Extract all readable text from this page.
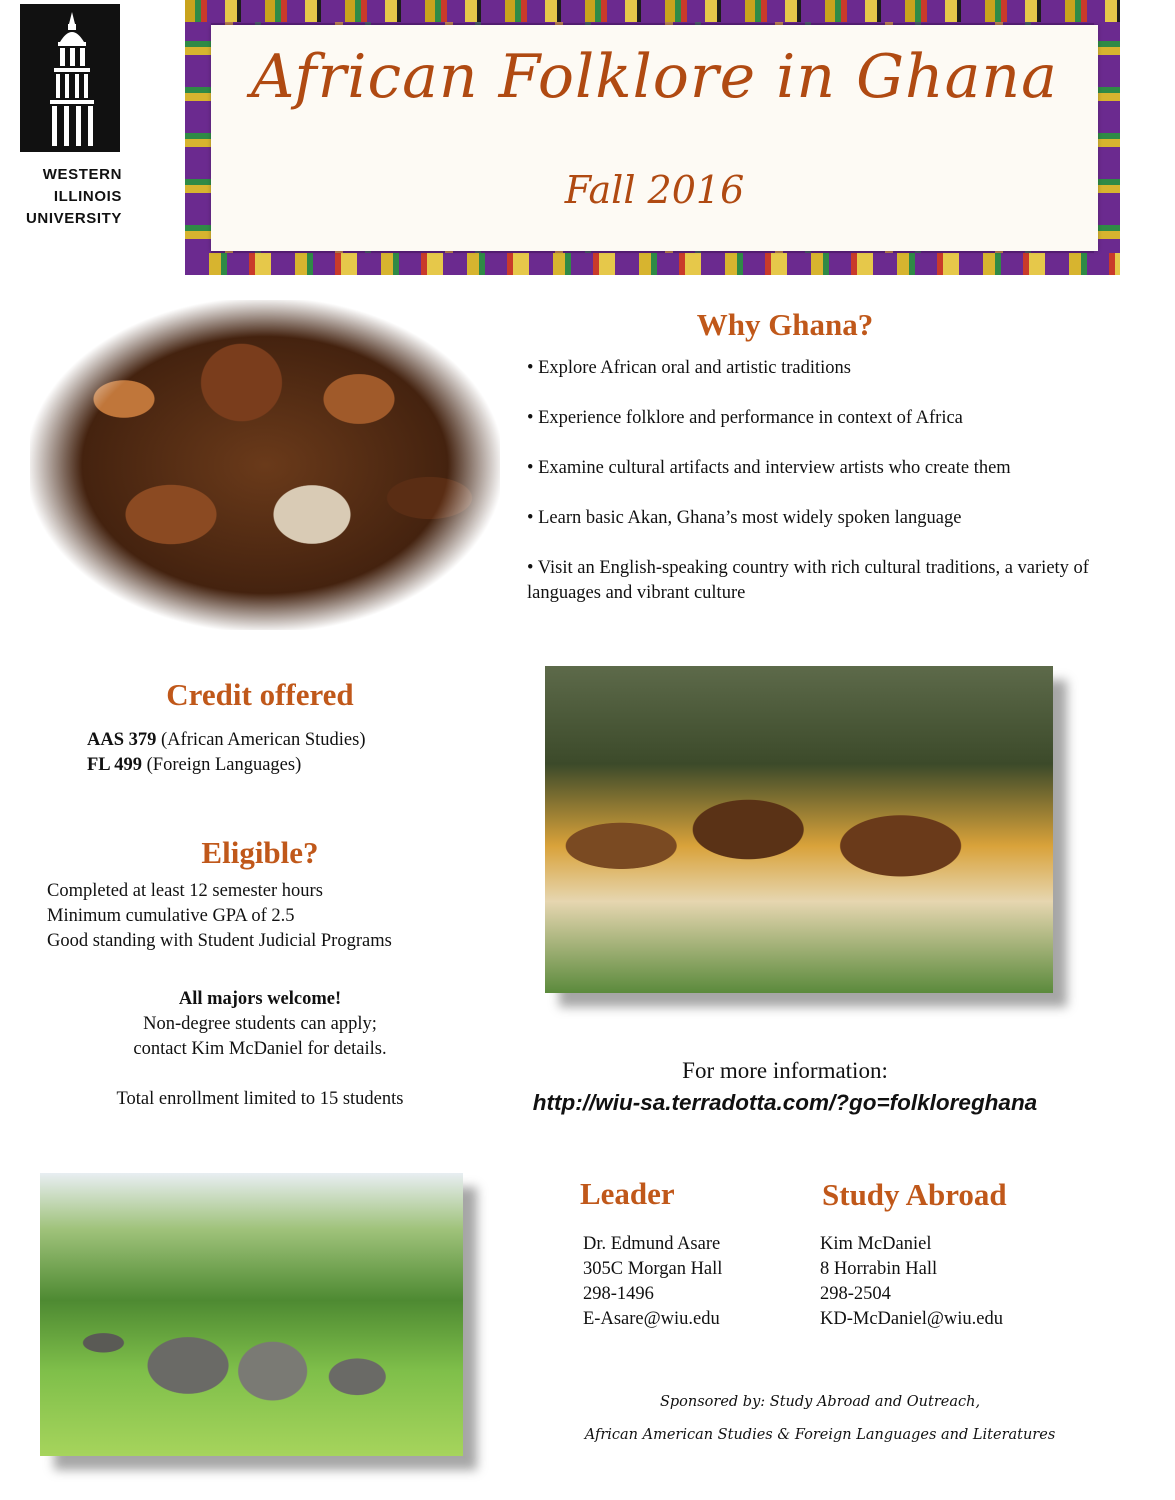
WESTERN
ILLINOIS
UNIVERSITY
African Folklore in Ghana
Fall 2016
Why Ghana?
• Explore African oral and artistic traditions
• Experience folklore and performance in context of Africa
• Examine cultural artifacts and interview artists who create them
• Learn basic Akan, Ghana’s most widely spoken language
• Visit an English-speaking country with rich cultural traditions, a variety of languages and vibrant culture
Credit offered
AAS 379 (African American Studies)
FL 499 (Foreign Languages)
Eligible?
Completed at least 12 semester hours
Minimum cumulative GPA of 2.5
Good standing with Student Judicial Programs
All majors welcome!
Non-degree students can apply;
contact Kim McDaniel for details.
Total enrollment limited to 15 students
For more information:
http://wiu-sa.terradotta.com/?go=folkloreghana
Leader
Dr. Edmund Asare
305C Morgan Hall
298-1496
E-Asare@wiu.edu
Study Abroad
Kim McDaniel
8 Horrabin Hall
298-2504
KD-McDaniel@wiu.edu
Sponsored by: Study Abroad and Outreach,
African American Studies & Foreign Languages and Literatures
